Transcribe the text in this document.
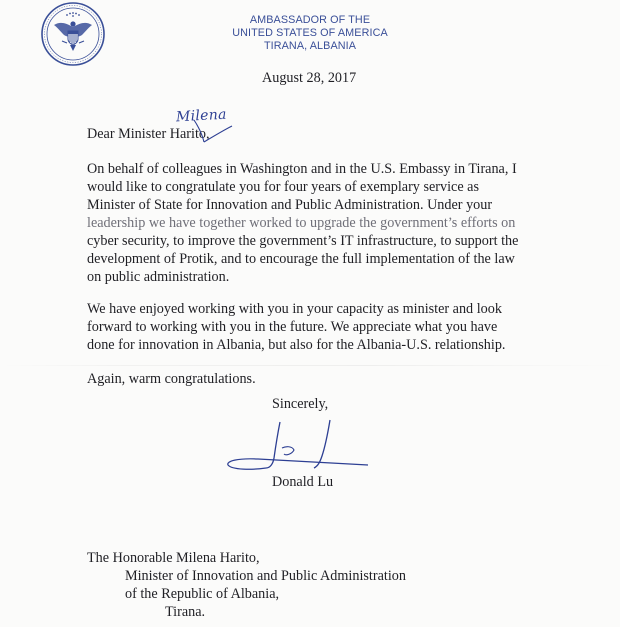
AMBASSADOR OF THE
UNITED STATES OF AMERICA
TIRANA, ALBANIA
August 28, 2017
Milena
Dear Minister Harito,
On behalf of colleagues in Washington and in the U.S. Embassy in Tirana, I
would like to congratulate you for four years of exemplary service as
Minister of State for Innovation and Public Administration. Under your
leadership we have together worked to upgrade the government’s efforts on
cyber security, to improve the government’s IT infrastructure, to support the
development of Protik, and to encourage the full implementation of the law
on public administration.
We have enjoyed working with you in your capacity as minister and look
forward to working with you in the future. We appreciate what you have
done for innovation in Albania, but also for the Albania-U.S. relationship.
Again, warm congratulations.
Sincerely,
Donald Lu
The Honorable Milena Harito,
Minister of Innovation and Public Administration
of the Republic of Albania,
Tirana.
